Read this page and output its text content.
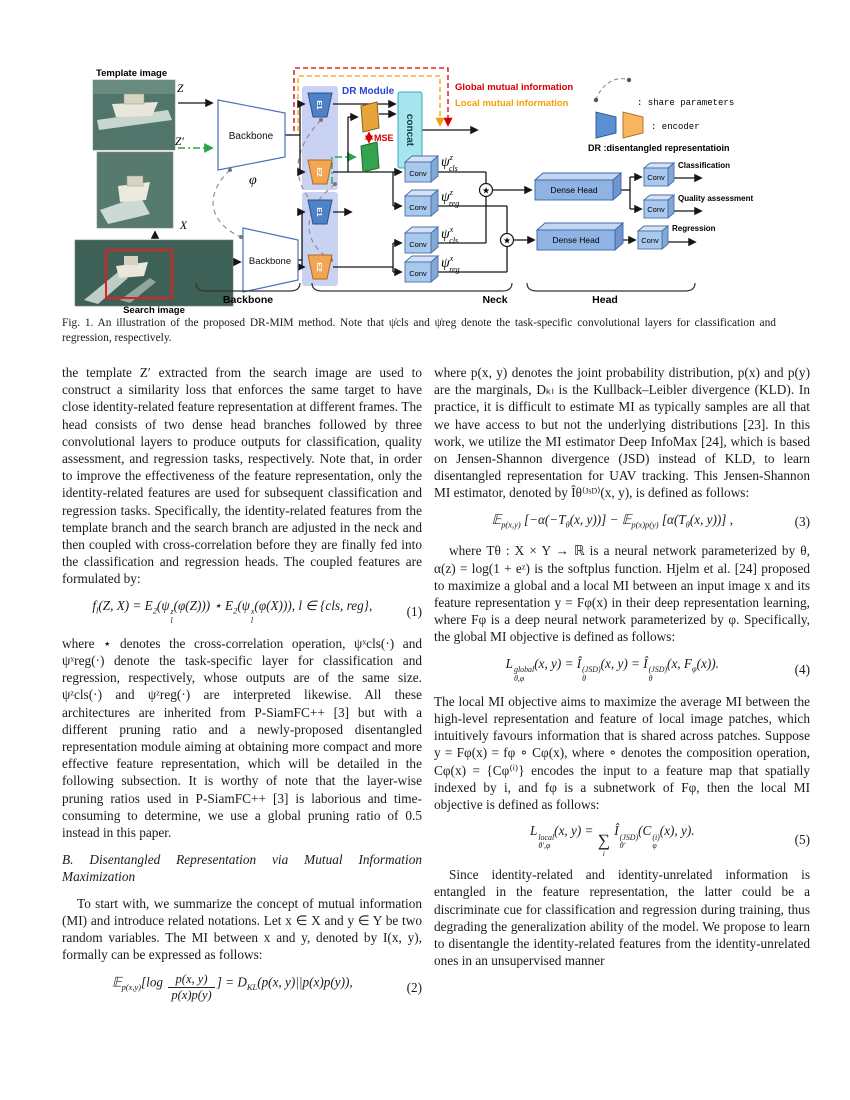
Backbone
Backbone
φ
E1
E2
E1
E2
concat
Conv
Conv
Conv
Conv
$\psi^z$ cls
$\psi^z$ reg
$\psi^x$ cls
$\psi^x$ reg
★
★
Dense Head
Dense Head
Conv
Conv
Conv
Template image
Search image
Z
Z′
X
DR Module
MSE
Global mutual information
Local mutual information
Classification
Quality assessment
Regression
: share parameters
: encoder
DR :disentangled representatioin
Backbone	Neck	Head

Fig. 1. An illustration of the proposed DR-MIM method. Note that ψ̇cls and ψ̇reg denote the task-specific convolutional layers for classification and regression, respectively.

the template Z′ extracted from the search image are used to construct a similarity loss that enforces the same target to have close identity-related feature representation at different frames. The head consists of two dense head branches followed by three convolutional layers to produce outputs for classification, quality assessment, and regression tasks, respectively. Note that, in order to improve the effectiveness of the feature representation, only the identity-related features are used for subsequent classification and regression tasks. Specifically, the identity-related features from the template branch and the search branch are adjusted in the neck and then coupled with cross-correlation before they are finally fed into the classification and regression heads. The coupled features are formulated by:

$f_l(Z$, $X) = E_2(\psi$ z
l
(φ(Z))) ⋆ $E_2(\psi$ x
l
(φ(X))), l ∈ {cls, reg},	(1)

where ⋆ denotes the cross-correlation operation, ψˣcls(·) and ψˣreg(·) denote the task-specific layer for classification and regression, respectively, whose outputs are of the same size. ψᶻcls(·) and ψᶻreg(·) are interpreted likewise. All these architectures are inherited from P-SiamFC++ [3] but with a different pruning ratio and a newly-proposed disentangled representation module aiming at obtaining more compact and more effective feature representation, which will be detailed in the following subsection. It is worthy of note that the layer-wise pruning ratios used in P-SiamFC++ [3] is laborious and time-consuming to determine, we use a global pruning ratio of 0.5 instead in this paper.

B. Disentangled Representation via Mutual Information Maximization

To start with, we summarize the concept of mutual information (MI) and introduce related notations. Let x ∈ X and y ∈ Y be two random variables. The MI between x and y, denoted by I(x, y), formally can be expressed as follows:

𝔼$_{p(x,y)}$[log $\frac{p(x, y)}{p(x)p(y)}$ ] = $D_{KL}(p(x$, y)||p(x)p(y)),	(2)

where p(x, y) denotes the joint probability distribution, p(x) and p(y) are the marginals, Dₖₗ is the Kullback–Leibler divergence (KLD). In practice, it is difficult to estimate MI as typically samples are all that we have access to but not the underlying distributions [23]. In this work, we utilize the MI estimator Deep InfoMax [24], which is based on Jensen-Shannon divergence (JSD) instead of KLD, to learn disentangled representation for UAV tracking. This Jensen-Shannon MI estimator, denoted by Îθ⁽ᴶˢᴰ⁾(x, y), is defined as follows:

𝔼$_{p(x,y)}$ [$-\alpha(-T_\theta(x$, y))] − 𝔼$_{p(x)p(y)}$ [$\alpha(T_\theta(x$, y))] ,	(3)

where Tθ : X × Y → ℝ is a neural network parameterized by θ, α(z) = log(1 + eᶻ) is the softplus function. Hjelm et al. [24] proposed to maximize a global and a local MI between an input image x and its feature representation y = Fφ(x) in their deep representation learning, where Fφ is a deep neural network parameterized by φ. Specifically, the global MI objective is defined as follows:

L global
θ,φ
(x, y) = Î (JSD)
θ
(x, y) = Î (JSD)
θ
(x, $F_\varphi(x)$).	(4)

The local MI objective aims to maximize the average MI between the high-level representation and feature of local image patches, which intuitively favours information that is shared across patches. Suppose y = Fφ(x) = fφ ∘ Cφ(x), where ∘ denotes the composition operation, Cφ(x) = {Cφ⁽ⁱ⁾} encodes the input to a feature map that spatially indexed by i, and fφ is a subnetwork of Fφ, then the local MI objective is defined as follows:

L local
θ′,φ
(x, y) =
∑
i
Î (JSD)
θ′
(C (i)
φ
(x), y).
(5)

Since identity-related and identity-unrelated information is entangled in the feature representation, the latter could be a discriminate cue for classification and regression during training, thus degrading the generalization ability of the model. We propose to learn to disentangle the identity-related features from the identity-unrelated ones in an unsupervised manner
